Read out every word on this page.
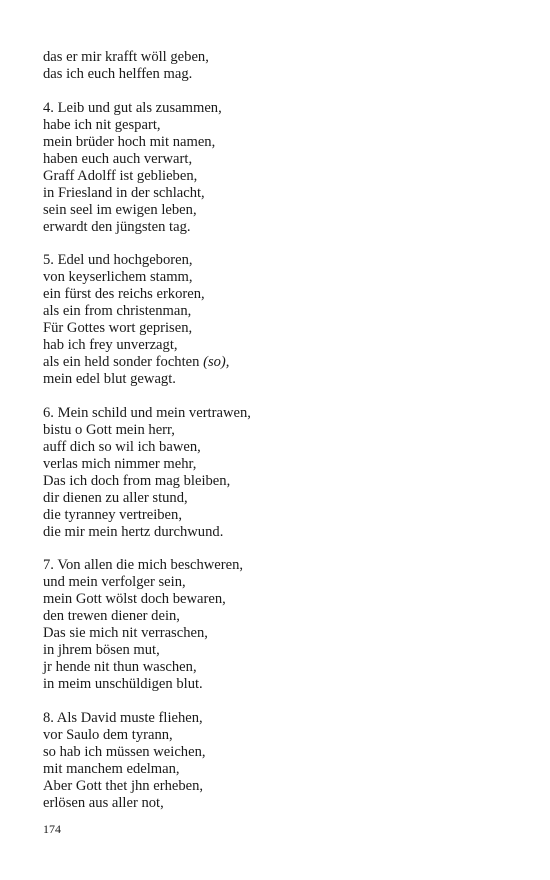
das er mir krafft wöll geben,
das ich euch helffen mag.
4. Leib und gut als zusammen,
habe ich nit gespart,
mein brüder hoch mit namen,
haben euch auch verwart,
Graff Adolff ist geblieben,
in Friesland in der schlacht,
sein seel im ewigen leben,
erwardt den jüngsten tag.
5. Edel und hochgeboren,
von keyserlichem stamm,
ein fürst des reichs erkoren,
als ein from christenman,
Für Gottes wort geprisen,
hab ich frey unverzagt,
als ein held sonder fochten (so),
mein edel blut gewagt.
6. Mein schild und mein vertrawen,
bistu o Gott mein herr,
auff dich so wil ich bawen,
verlas mich nimmer mehr,
Das ich doch from mag bleiben,
dir dienen zu aller stund,
die tyranney vertreiben,
die mir mein hertz durchwund.
7. Von allen die mich beschweren,
und mein verfolger sein,
mein Gott wölst doch bewaren,
den trewen diener dein,
Das sie mich nit verraschen,
in jhrem bösen mut,
jr hende nit thun waschen,
in meim unschüldigen blut.
8. Als David muste fliehen,
vor Saulo dem tyrann,
so hab ich müssen weichen,
mit manchem edelman,
Aber Gott thet jhn erheben,
erlösen aus aller not,
174
